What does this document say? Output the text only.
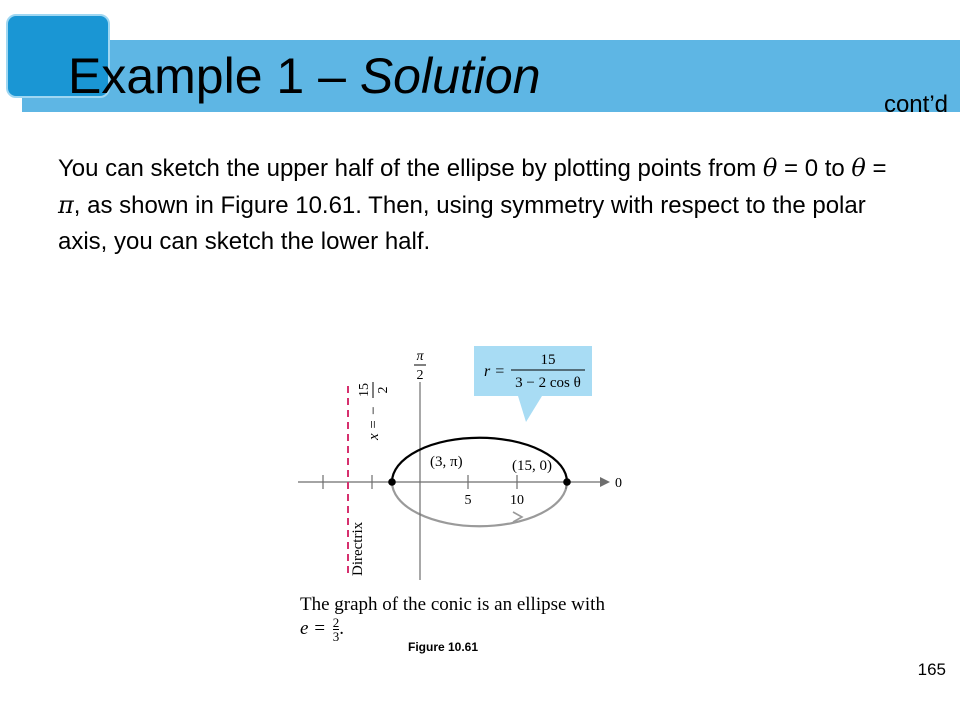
Example 1 – Solution
cont’d
You can sketch the upper half of the ellipse by plotting points from θ = 0 to θ = π, as shown in Figure 10.61. Then, using symmetry with respect to the polar axis, you can sketch the lower half.
r =
15
3 − 2 cos θ
π
2
0
5	10
Directrix
x = −
15 2
(3, π)	(15, 0)
The graph of the conic is an ellipse with
$e = \frac{2}{3}$ .
Figure 10.61
165
